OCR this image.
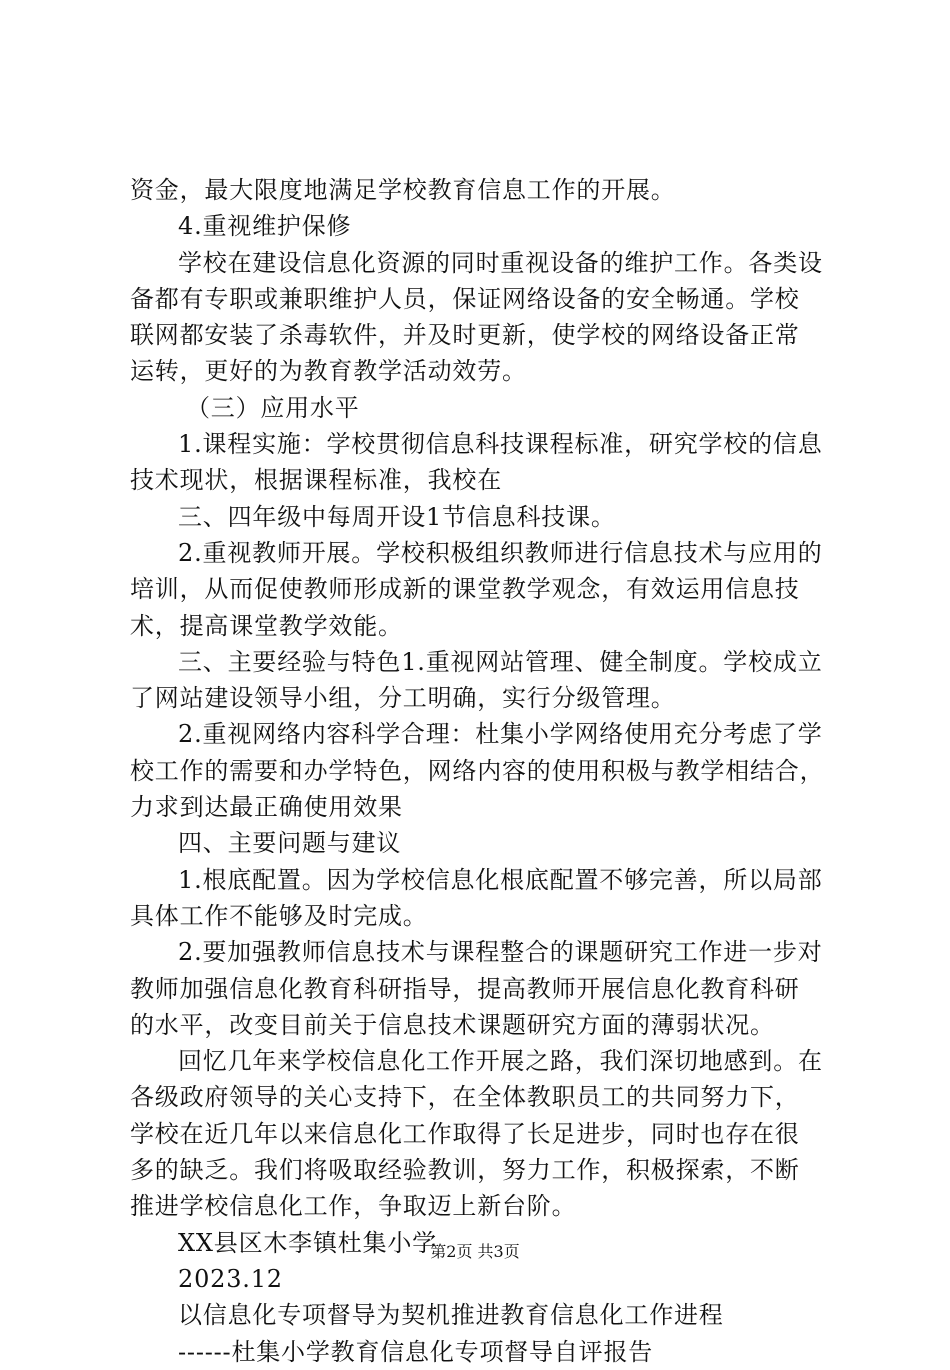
资金，最大限度地满足学校教育信息工作的开展。
4.重视维护保修
学校在建设信息化资源的同时重视设备的维护工作。各类设
备都有专职或兼职维护人员，保证网络设备的安全畅通。学校
联网都安装了杀毒软件，并及时更新，使学校的网络设备正常
运转，更好的为教育教学活动效劳。
（三）应用水平
1.课程实施：学校贯彻信息科技课程标准，研究学校的信息
技术现状，根据课程标准，我校在
三、四年级中每周开设1节信息科技课。
2.重视教师开展。学校积极组织教师进行信息技术与应用的
培训，从而促使教师形成新的课堂教学观念，有效运用信息技
术，提高课堂教学效能。
三、主要经验与特色1.重视网站管理、健全制度。学校成立
了网站建设领导小组，分工明确，实行分级管理。
2.重视网络内容科学合理：杜集小学网络使用充分考虑了学
校工作的需要和办学特色，网络内容的使用积极与教学相结合，
力求到达最正确使用效果
四、主要问题与建议
1.根底配置。因为学校信息化根底配置不够完善，所以局部
具体工作不能够及时完成。
2.要加强教师信息技术与课程整合的课题研究工作进一步对
教师加强信息化教育科研指导，提高教师开展信息化教育科研
的水平，改变目前关于信息技术课题研究方面的薄弱状况。
回忆几年来学校信息化工作开展之路，我们深切地感到。在
各级政府领导的关心支持下，在全体教职员工的共同努力下，
学校在近几年以来信息化工作取得了长足进步，同时也存在很
多的缺乏。我们将吸取经验教训，努力工作，积极探索，不断
推进学校信息化工作，争取迈上新台阶。
XX县区木李镇杜集小学
2023.12
以信息化专项督导为契机推进教育信息化工作进程
------杜集小学教育信息化专项督导自评报告
第2页 共3页
